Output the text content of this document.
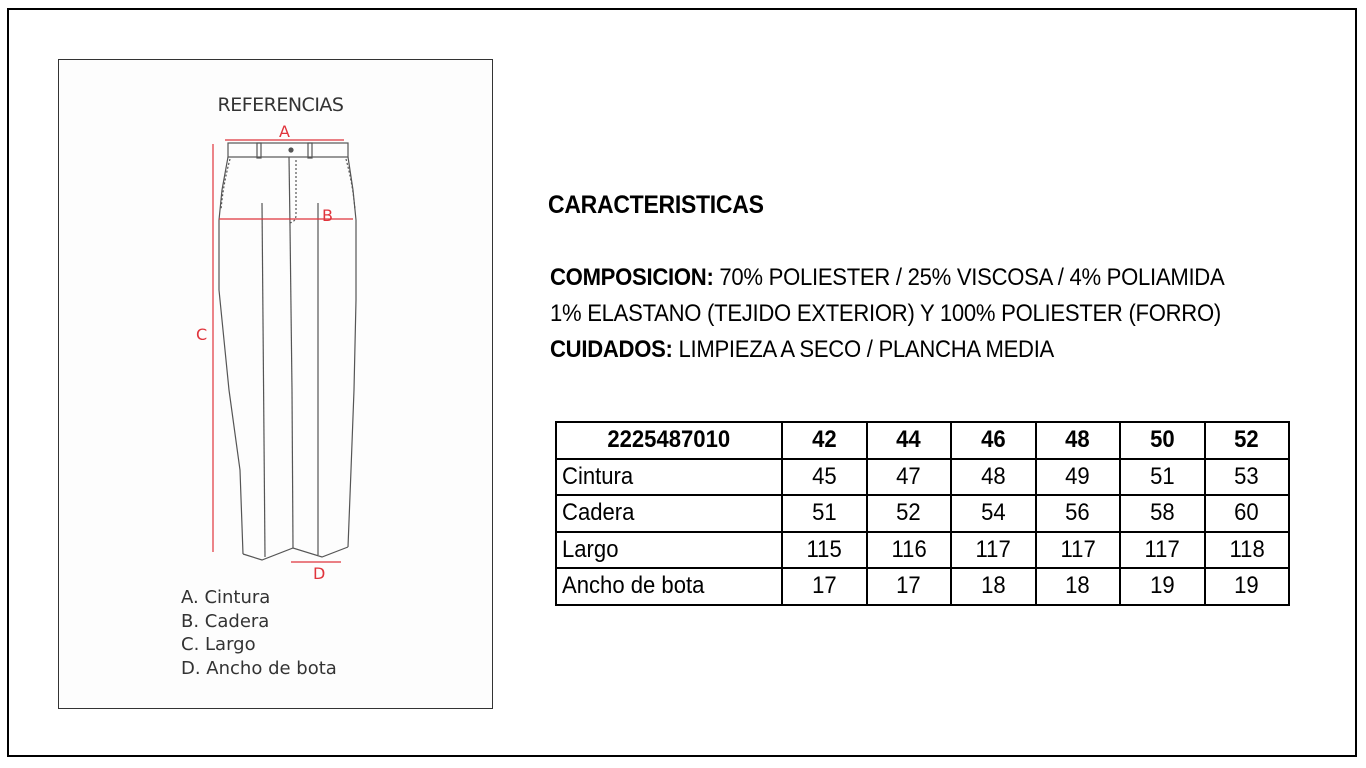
REFERENCIAS
A
B
C
D
A. Cintura
B. Cadera
C. Largo
D. Ancho de bota
CARACTERISTICAS
COMPOSICION: 70% POLIESTER / 25% VISCOSA / 4% POLIAMIDA
1% ELASTANO (TEJIDO EXTERIOR) Y 100% POLIESTER (FORRO)
CUIDADOS: LIMPIEZA A SECO / PLANCHA MEDIA
2225487010	42	44	46	48	50	52
Cintura	45	47	48	49	51	53
Cadera	51	52	54	56	58	60
Largo	115	116	117	117	117	118
Ancho de bota	17	17	18	18	19	19
